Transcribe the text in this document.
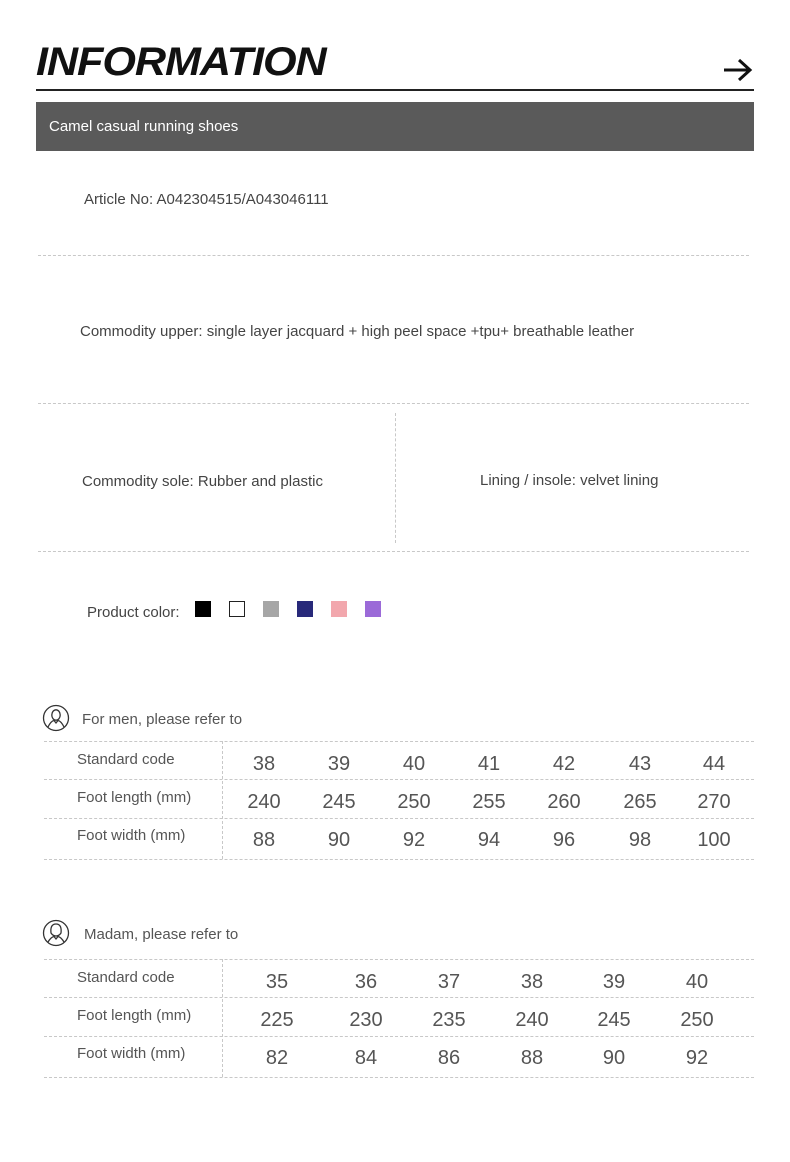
INFORMATION
Camel casual running shoes
Article No: A042304515/A043046111
Commodity upper: single layer jacquard + high peel space +tpu+ breathable leather
Commodity sole: Rubber and plastic	Lining / insole: velvet lining
Product color:
For men, please refer to
Standard code	38	39	40	41	42	43	44
Foot length (mm)	240	245	250	255	260	265	270
Foot width (mm)	88	90	92	94	96	98	100
Madam, please refer to
Standard code	35	36	37	38	39	40
Foot length (mm)	225	230	235	240	245	250
Foot width (mm)	82	84	86	88	90	92
